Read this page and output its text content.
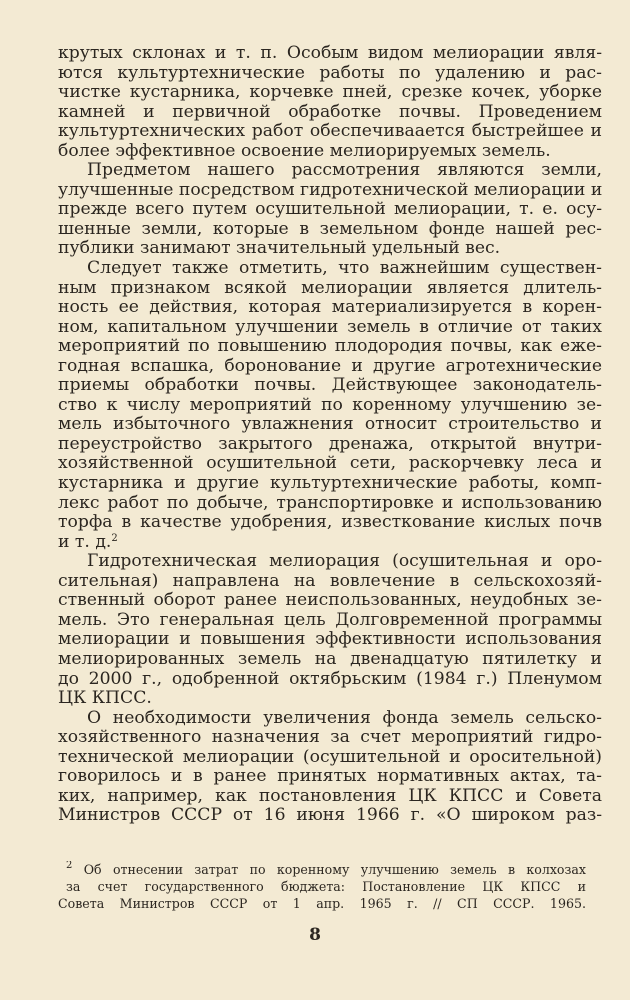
крутых склонах и т. п. Особым видом мелиорации явля-
ются культуртехнические работы по удалению и рас-
чистке кустарника, корчевке пней, срезке кочек, уборке
камней и первичной обработке почвы. Проведением
культуртехнических работ обеспечиваается быстрейшее и
более эффективное освоение мелиорируемых земель.
Предметом нашего рассмотрения являются земли,
улучшенные посредством гидротехнической мелиорации и
прежде всего путем осушительной мелиорации, т. е. осу-
шенные земли, которые в земельном фонде нашей рес-
публики занимают значительный удельный вес.
Следует также отметить, что важнейшим существен-
ным признаком всякой мелиорации является длитель-
ность ее действия, которая материализируется в корен-
ном, капитальном улучшении земель в отличие от таких
мероприятий по повышению плодородия почвы, как еже-
годная вспашка, боронование и другие агротехнические
приемы обработки почвы. Действующее законодатель-
ство к числу мероприятий по коренному улучшению зе-
мель избыточного увлажнения относит строительство и
переустройство закрытого дренажа, открытой внутри-
хозяйственной осушительной сети, раскорчевку леса и
кустарника и другие культуртехнические работы, комп-
лекс работ по добыче, транспортировке и использованию
торфа в качестве удобрения, известкование кислых почв
и т. д.$^2$
Гидротехническая мелиорация (осушительная и оро-
сительная) направлена на вовлечение в сельскохозяй-
ственный оборот ранее неиспользованных, неудобных зе-
мель. Это генеральная цель Долговременной программы
мелиорации и повышения эффективности использования
мелиорированных земель на двенадцатую пятилетку и
до 2000 г., одобренной октябрьским (1984 г.) Пленумом
ЦК КПСС.
О необходимости увеличения фонда земель сельско-
хозяйственного назначения за счет мероприятий гидро-
технической мелиорации (осушительной и оросительной)
говорилось и в ранее принятых нормативных актах, та-
ких, например, как постановления ЦК КПСС и Совета
Министров СССР от 16 июня 1966 г. «О широком раз-
$^2$ Об отнесении затрат по коренному улучшению земель в колхозах
за счет государственного бюджета: Постановление ЦК КПСС и
Совета Министров СССР от 1 апр. 1965 г. // СП СССР. 1965.
8
